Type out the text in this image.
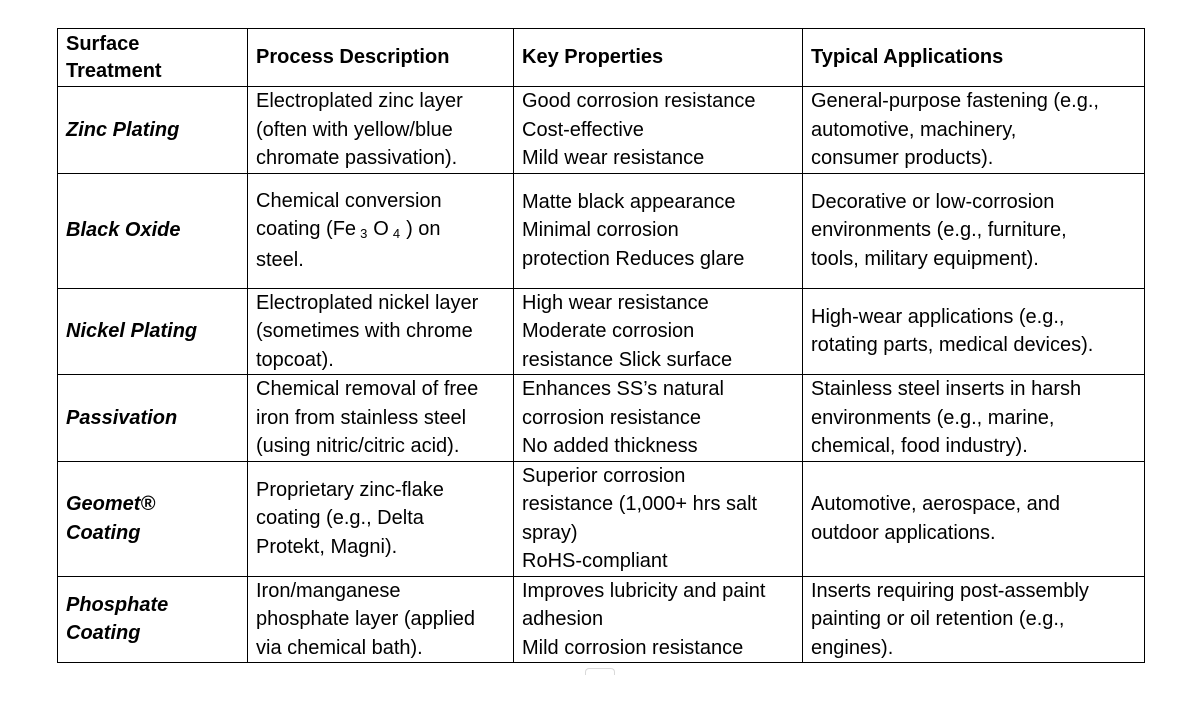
Surface
Treatment	Process Description	Key Properties	Typical Applications

Zinc Plating	Electroplated zinc layer
(often with yellow/blue
chromate passivation).	Good corrosion resistance
Cost-effective
Mild wear resistance	General-purpose fastening (e.g.,
automotive, machinery,
consumer products).

Black Oxide	Chemical conversion
coating (Fe $_3$ O $_4$ ) on
steel.	Matte black appearance
Minimal corrosion
protection Reduces glare	Decorative or low-corrosion
environments (e.g., furniture,
tools, military equipment).

Nickel Plating	Electroplated nickel layer
(sometimes with chrome
topcoat).	High wear resistance
Moderate corrosion
resistance Slick surface	High-wear applications (e.g.,
rotating parts, medical devices).

Passivation	Chemical removal of free
iron from stainless steel
(using nitric/citric acid).	Enhances SS’s natural
corrosion resistance
No added thickness	Stainless steel inserts in harsh
environments (e.g., marine,
chemical, food industry).

Geomet®
Coating	Proprietary zinc-flake
coating (e.g., Delta
Protekt, Magni).	Superior corrosion
resistance (1,000+ hrs salt
spray)
RoHS-compliant	Automotive, aerospace, and
outdoor applications.

Phosphate
Coating	Iron/manganese
phosphate layer (applied
via chemical bath).	Improves lubricity and paint
adhesion
Mild corrosion resistance	Inserts requiring post-assembly
painting or oil retention (e.g.,
engines).
